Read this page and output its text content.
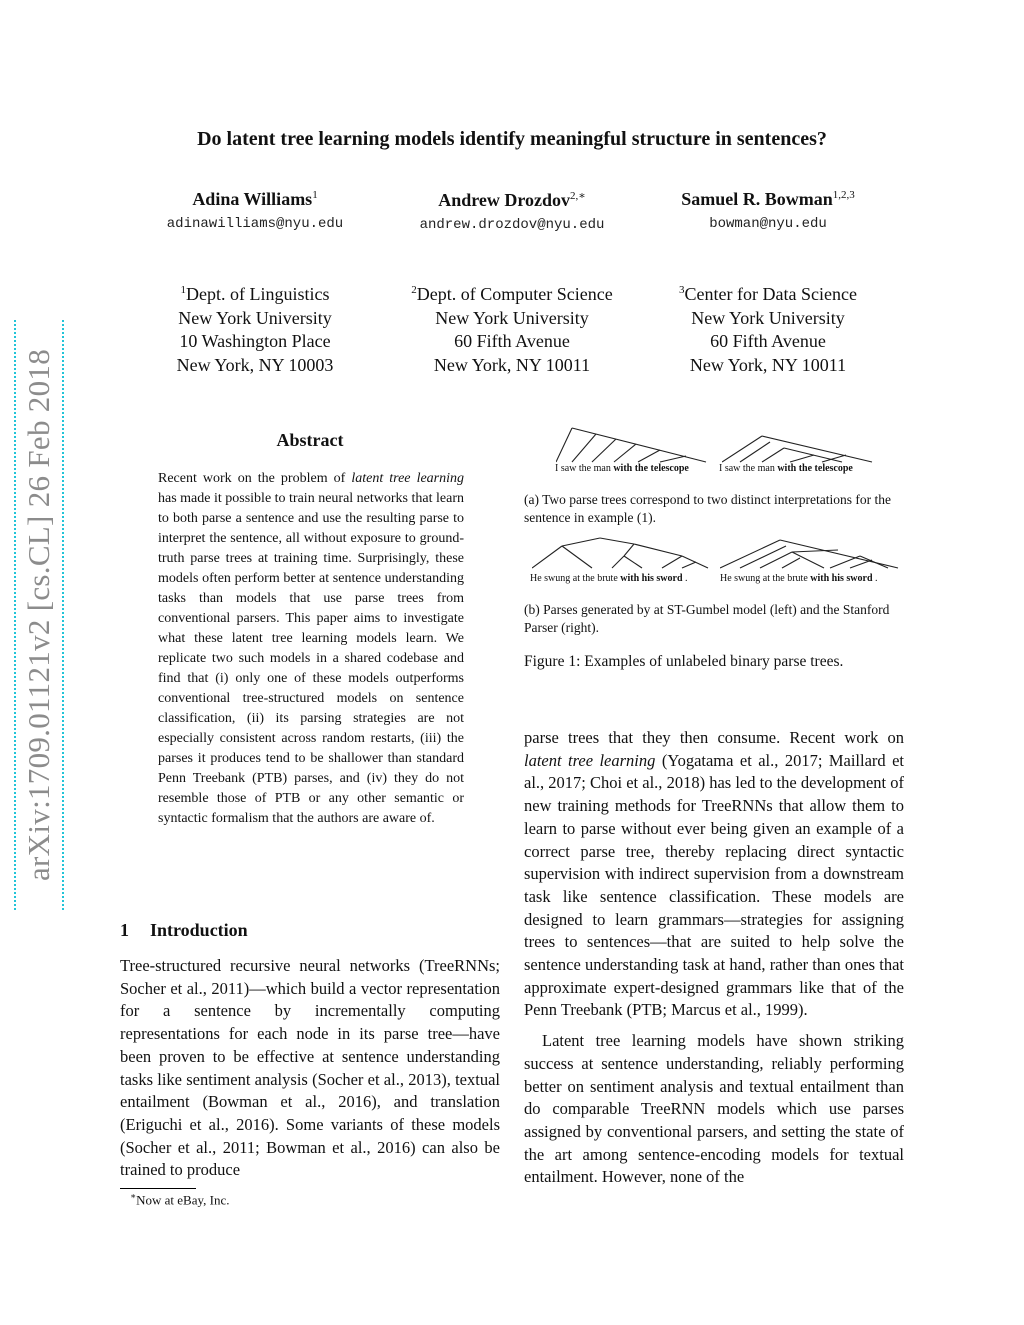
Do latent tree learning models identify meaningful structure in sentences?
Adina Williams$^1$
adinawilliams@nyu.edu
Andrew Drozdov$^{2,∗}$
andrew.drozdov@nyu.edu
Samuel R. Bowman$^{1,2,3}$
bowman@nyu.edu
$^1$Dept. of Linguistics
New York University
10 Washington Place
New York, NY 10003
$^2$Dept. of Computer Science
New York University
60 Fifth Avenue
New York, NY 10011
$^3$Center for Data Science
New York University
60 Fifth Avenue
New York, NY 10011
arXiv:1709.01121v2 [cs.CL] 26 Feb 2018	Abstract

Recent work on the problem of latent tree learning has made it possible to train neural networks that learn to both parse a sentence and use the resulting parse to interpret the sentence, all without exposure to ground-truth parse trees at training time. Surprisingly, these models often perform better at sentence understanding tasks than models that use parse trees from conventional parsers. This paper aims to investigate what these latent tree learning models learn. We replicate two such models in a shared codebase and find that (i) only one of these models outperforms conventional tree-structured models on sentence classification, (ii) its parsing strategies are not especially consistent across random restarts, (iii) the parses it produces tend to be shallower than standard Penn Treebank (PTB) parses, and (iv) they do not resemble those of PTB or any other semantic or syntactic formalism that the authors are aware of.

1 Introduction

Tree-structured recursive neural networks (TreeRNNs; Socher et al., 2011)—which build a vector representation for a sentence by incrementally computing representations for each node in its parse tree—have been proven to be effective at sentence understanding tasks like sentiment analysis (Socher et al., 2013), textual entailment (Bowman et al., 2016), and translation (Eriguchi et al., 2016). Some variants of these models (Socher et al., 2011; Bowman et al., 2016) can also be trained to produce

∗Now at eBay, Inc.
I saw the man with the telescope	I saw the man with the telescope
(a) Two parse trees correspond to two distinct interpretations for the sentence in example (1).
He swung at the brute with his sword .	He swung at the brute with his sword .
(b) Parses generated by at ST-Gumbel model (left) and the Stanford Parser (right).
Figure 1: Examples of unlabeled binary parse trees.

parse trees that they then consume. Recent work on latent tree learning (Yogatama et al., 2017; Maillard et al., 2017; Choi et al., 2018) has led to the development of new training methods for TreeRNNs that allow them to learn to parse without ever being given an example of a correct parse tree, thereby replacing direct syntactic supervision with indirect supervision from a downstream task like sentence classification. These models are designed to learn grammars—strategies for assigning trees to sentences—that are suited to help solve the sentence understanding task at hand, rather than ones that approximate expert-designed grammars like that of the Penn Treebank (PTB; Marcus et al., 1999).

Latent tree learning models have shown striking success at sentence understanding, reliably performing better on sentiment analysis and textual entailment than do comparable TreeRNN models which use parses assigned by conventional parsers, and setting the state of the art among sentence-encoding models for textual entailment. However, none of the
